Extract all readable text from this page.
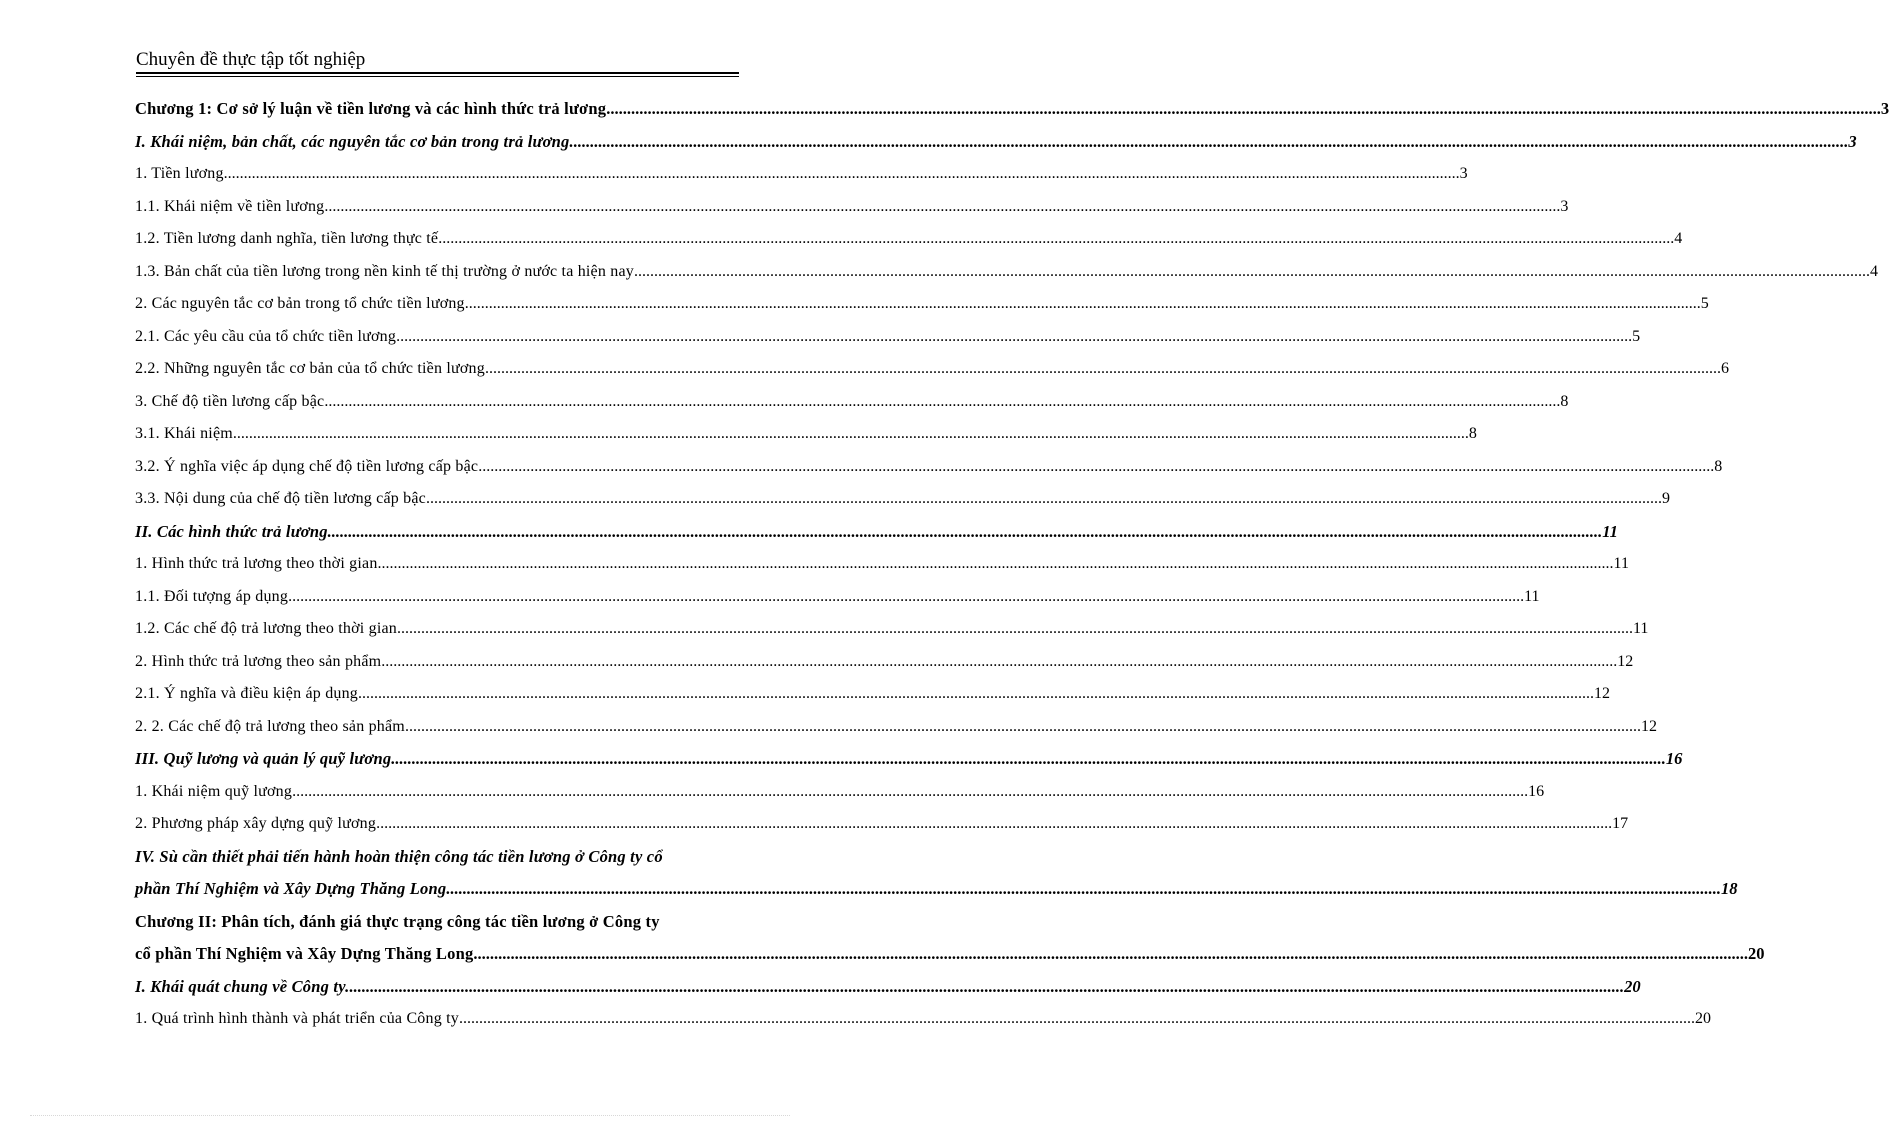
Chuyên đề thực tập tốt nghiệp
Chương 1: Cơ sở lý luận về tiền lương và các hình thức trả lương .....	3
I. Khái niệm, bản chất, các nguyên tắc cơ bản trong trả lương. .....	3
1. Tiền lương .....	3
1.1. Khái niệm về tiền lương .....	3
1.2. Tiền lương danh nghĩa, tiền lương thực tế .....	4
1.3. Bản chất của tiền lương trong nền kinh tế thị trường ở nước ta hiện nay .....	4
2. Các nguyên tắc cơ bản trong tổ chức tiền lương .....	5
2.1. Các yêu cầu của tổ chức tiền lương .....	5
2.2. Những nguyên tắc cơ bản của tổ chức tiền lương .....	6
3. Chế độ tiền lương cấp bậc .....	8
3.1. Khái niệm .....	8
3.2. Ý nghĩa việc áp dụng chế độ tiền lương cấp bậc .....	8
3.3. Nội dung của chế độ tiền lương cấp bậc .....	9
II. Các hình thức trả lương .....	11
1. Hình thức trả lương theo thời gian .....	11
1.1. Đối tượng áp dụng .....	11
1.2. Các chế độ trả lương theo thời gian .....	11
2. Hình thức trả lương theo sản phẩm .....	12
2.1. Ý nghĩa và điều kiện áp dụng .....	12
2. 2. Các chế độ trả lương theo sản phẩm .....	12
III. Quỹ lương và quản lý quỹ lương .....	16
1. Khái niệm quỹ lương .....	16
2. Phương pháp xây dựng quỹ lương .....	17
IV. Sù cần thiết phải tiến hành hoàn thiện công tác tiền lương ở Công ty cổ
phần Thí Nghiệm và Xây Dựng Thăng Long .....	18
Chương II: Phân tích, đánh giá thực trạng công tác tiền lương ở Công ty
cổ phần Thí Nghiệm và Xây Dựng Thăng Long .....	20
I. Khái quát chung về Công ty. .....	20
1. Quá trình hình thành và phát triển của Công ty .....	20
